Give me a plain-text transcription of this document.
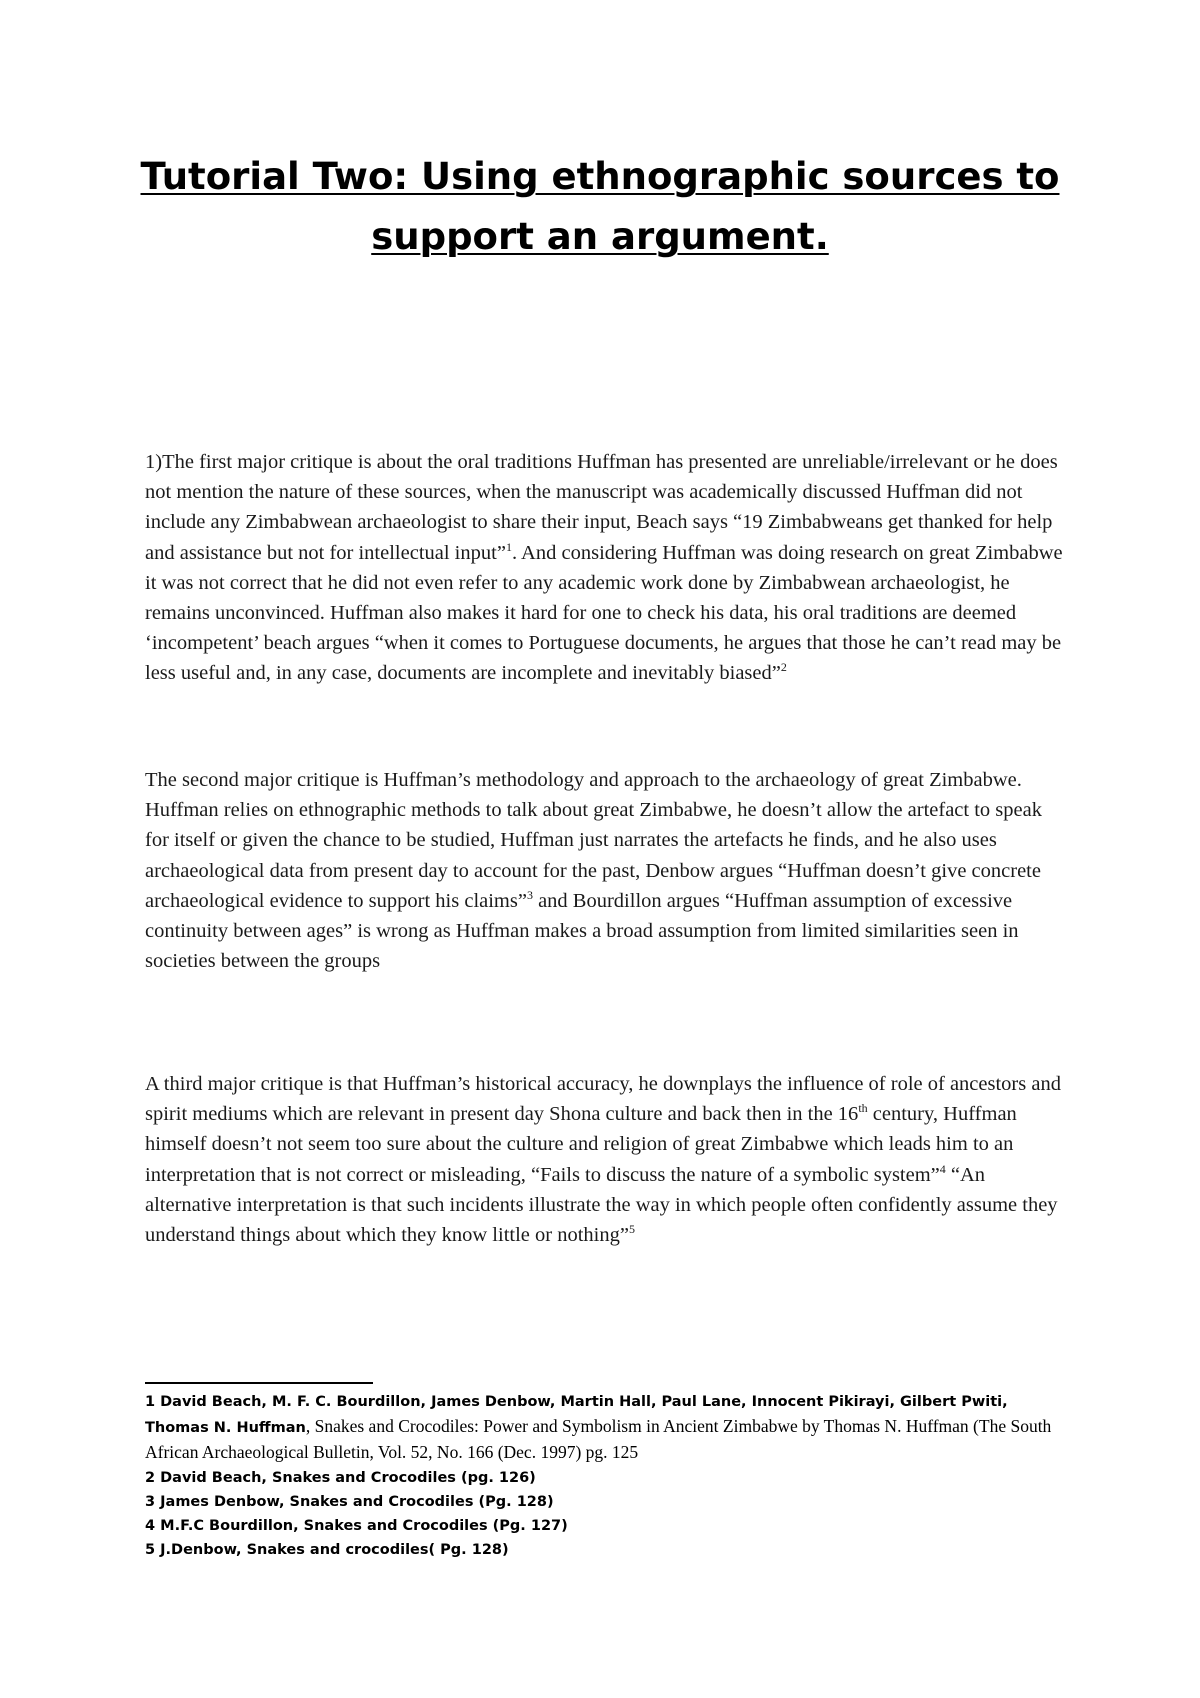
Tutorial Two: Using ethnographic sources to
support an argument.

1)The first major critique is about the oral traditions Huffman has presented are unreliable/irrelevant or he does not mention the nature of these sources, when the manuscript was academically discussed Huffman did not include any Zimbabwean archaeologist to share their input, Beach says “19 Zimbabweans get thanked for help and assistance but not for intellectual input”$^1$. And considering Huffman was doing research on great Zimbabwe it was not correct that he did not even refer to any academic work done by Zimbabwean archaeologist, he remains unconvinced. Huffman also makes it hard for one to check his data, his oral traditions are deemed ‘incompetent’ beach argues “when it comes to Portuguese documents, he argues that those he can’t read may be less useful and, in any case, documents are incomplete and inevitably biased”$^2$

The second major critique is Huffman’s methodology and approach to the archaeology of great Zimbabwe. Huffman relies on ethnographic methods to talk about great Zimbabwe, he doesn’t allow the artefact to speak for itself or given the chance to be studied, Huffman just narrates the artefacts he finds, and he also uses archaeological data from present day to account for the past, Denbow argues “Huffman doesn’t give concrete archaeological evidence to support his claims”$^3$ and Bourdillon argues “Huffman assumption of excessive continuity between ages” is wrong as Huffman makes a broad assumption from limited similarities seen in societies between the groups

A third major critique is that Huffman’s historical accuracy, he downplays the influence of role of ancestors and spirit mediums which are relevant in present day Shona culture and back then in the 16th century, Huffman himself doesn’t not seem too sure about the culture and religion of great Zimbabwe which leads him to an interpretation that is not correct or misleading, “Fails to discuss the nature of a symbolic system”$^4$ “An alternative interpretation is that such incidents illustrate the way in which people often confidently assume they understand things about which they know little or nothing”$^5$

1 David Beach, M. F. C. Bourdillon, James Denbow, Martin Hall, Paul Lane, Innocent Pikirayi, Gilbert Pwiti, Thomas N. Huffman, Snakes and Crocodiles: Power and Symbolism in Ancient Zimbabwe by Thomas N. Huffman (The South African Archaeological Bulletin, Vol. 52, No. 166 (Dec. 1997) pg. 125

2 David Beach, Snakes and Crocodiles (pg. 126)

3 James Denbow, Snakes and Crocodiles (Pg. 128)

4 M.F.C Bourdillon, Snakes and Crocodiles (Pg. 127)

5 J.Denbow, Snakes and crocodiles( Pg. 128)
